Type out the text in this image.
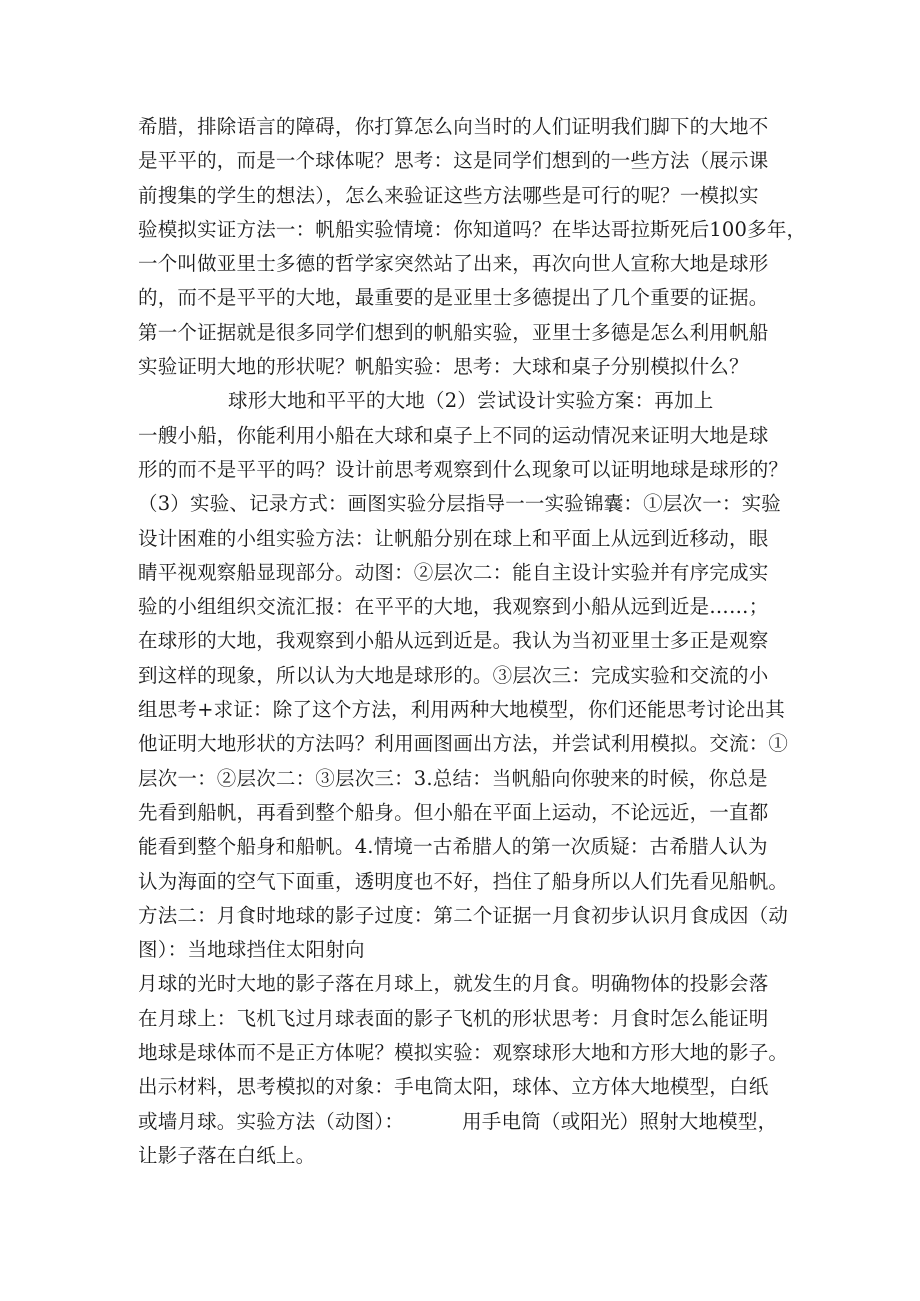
希腊，排除语言的障碍，你打算怎么向当时的人们证明我们脚下的大地不
是平平的，而是一个球体呢？思考：这是同学们想到的一些方法（展示课
前搜集的学生的想法），怎么来验证这些方法哪些是可行的呢？一模拟实
验模拟实证方法一：帆船实验情境：你知道吗？在毕达哥拉斯死后100多年，
一个叫做亚里士多德的哲学家突然站了出来，再次向世人宣称大地是球形
的，而不是平平的大地，最重要的是亚里士多德提出了几个重要的证据。
第一个证据就是很多同学们想到的帆船实验，亚里士多德是怎么利用帆船
实验证明大地的形状呢？帆船实验：思考：大球和桌子分别模拟什么？
球形大地和平平的大地（2）尝试设计实验方案：再加上
一艘小船，你能利用小船在大球和桌子上不同的运动情况来证明大地是球
形的而不是平平的吗？设计前思考观察到什么现象可以证明地球是球形的？
（3）实验、记录方式：画图实验分层指导一一实验锦囊：①层次一：实验
设计困难的小组实验方法：让帆船分别在球上和平面上从远到近移动，眼
睛平视观察船显现部分。动图：②层次二：能自主设计实验并有序完成实
验的小组组织交流汇报：在平平的大地，我观察到小船从远到近是……；
在球形的大地，我观察到小船从远到近是。我认为当初亚里士多正是观察
到这样的现象，所以认为大地是球形的。③层次三：完成实验和交流的小
组思考+求证：除了这个方法，利用两种大地模型，你们还能思考讨论出其
他证明大地形状的方法吗？利用画图画出方法，并尝试利用模拟。交流：①
层次一：②层次二：③层次三：3.总结：当帆船向你驶来的时候，你总是
先看到船帆，再看到整个船身。但小船在平面上运动，不论远近，一直都
能看到整个船身和船帆。4.情境一古希腊人的第一次质疑：古希腊人认为
认为海面的空气下面重，透明度也不好，挡住了船身所以人们先看见船帆。
方法二：月食时地球的影子过度：第二个证据一月食初步认识月食成因（动
图）：当地球挡住太阳射向
月球的光时大地的影子落在月球上，就发生的月食。明确物体的投影会落
在月球上：飞机飞过月球表面的影子飞机的形状思考：月食时怎么能证明
地球是球体而不是正方体呢？模拟实验：观察球形大地和方形大地的影子。
出示材料，思考模拟的对象：手电筒太阳，球体、立方体大地模型，白纸
或墙月球。实验方法（动图）：	用手电筒（或阳光）照射大地模型，
让影子落在白纸上。
